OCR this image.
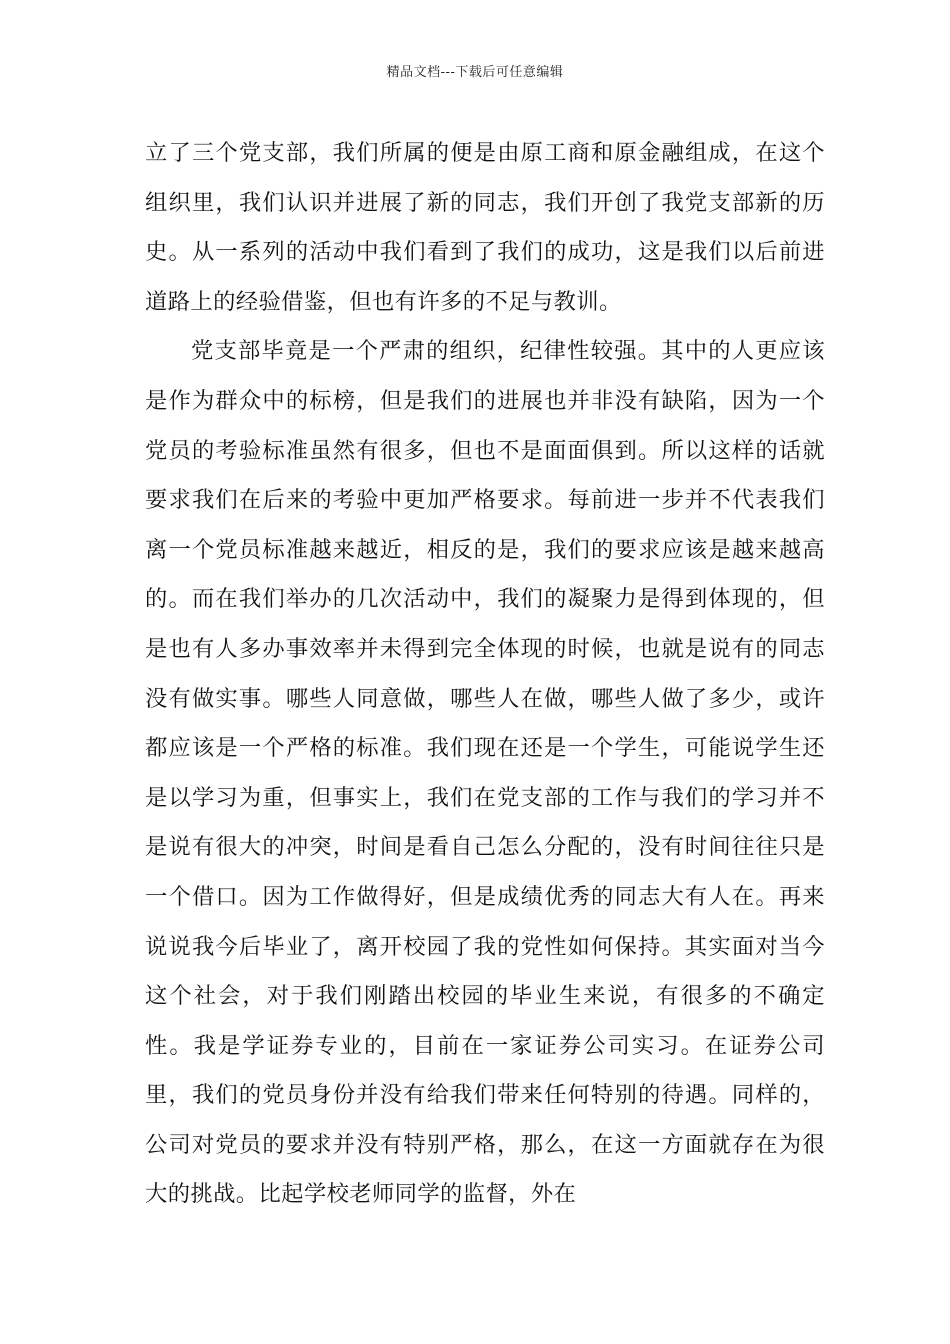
精品文档---下载后可任意编辑

立了三个党支部，我们所属的便是由原工商和原金融组成，在这个组织里，我们认识并进展了新的同志，我们开创了我党支部新的历史。从一系列的活动中我们看到了我们的成功，这是我们以后前进道路上的经验借鉴，但也有许多的不足与教训。

党支部毕竟是一个严肃的组织，纪律性较强。其中的人更应该是作为群众中的标榜，但是我们的进展也并非没有缺陷，因为一个党员的考验标准虽然有很多，但也不是面面俱到。所以这样的话就要求我们在后来的考验中更加严格要求。每前进一步并不代表我们离一个党员标准越来越近，相反的是，我们的要求应该是越来越高的。而在我们举办的几次活动中，我们的凝聚力是得到体现的，但是也有人多办事效率并未得到完全体现的时候，也就是说有的同志没有做实事。哪些人同意做，哪些人在做，哪些人做了多少，或许都应该是一个严格的标准。我们现在还是一个学生，可能说学生还是以学习为重，但事实上，我们在党支部的工作与我们的学习并不是说有很大的冲突，时间是看自己怎么分配的，没有时间往往只是一个借口。因为工作做得好，但是成绩优秀的同志大有人在。再来说说我今后毕业了，离开校园了我的党性如何保持。其实面对当今这个社会，对于我们刚踏出校园的毕业生来说，有很多的不确定性。我是学证券专业的，目前在一家证券公司实习。在证券公司里，我们的党员身份并没有给我们带来任何特别的待遇。同样的，公司对党员的要求并没有特别严格，那么，在这一方面就存在为很大的挑战。比起学校老师同学的监督，外在
